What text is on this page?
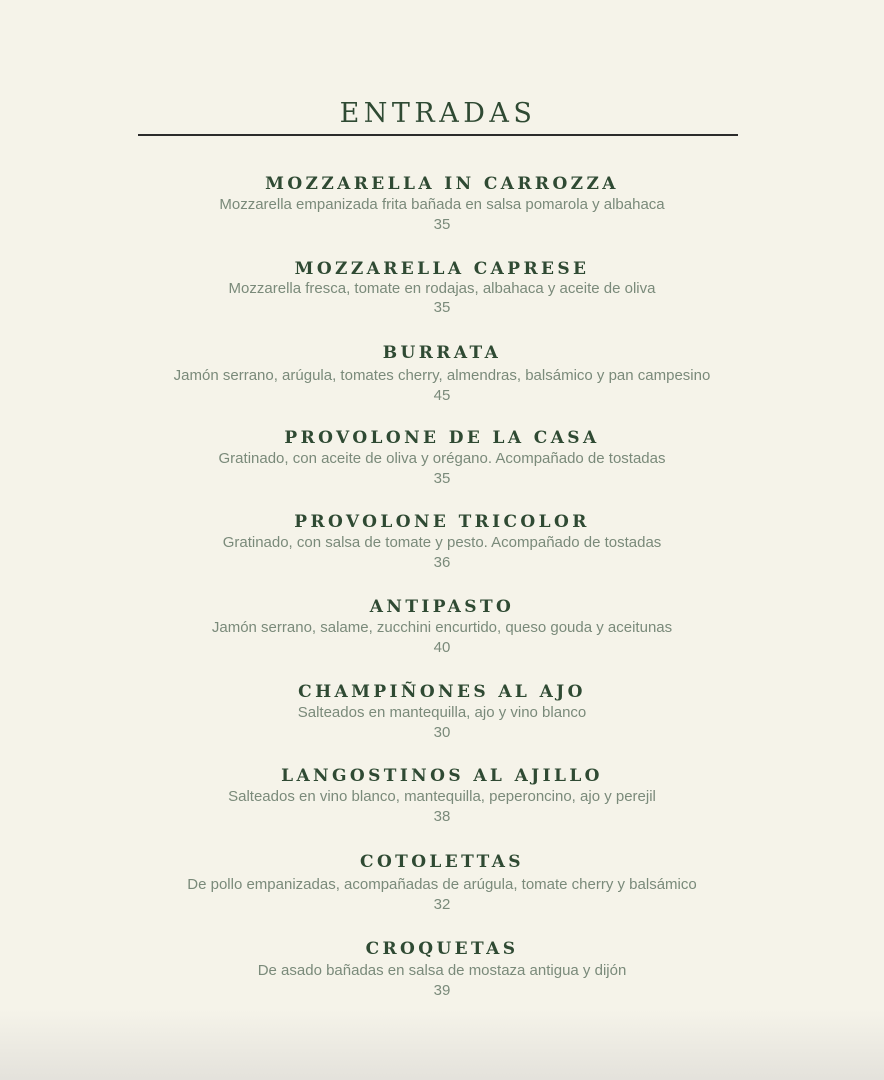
ENTRADAS
MOZZARELLA IN CARROZZA
Mozzarella empanizada frita bañada en salsa pomarola y albahaca
35
MOZZARELLA CAPRESE
Mozzarella fresca, tomate en rodajas, albahaca y aceite de oliva
35
BURRATA
Jamón serrano, arúgula, tomates cherry, almendras, balsámico y pan campesino
45
PROVOLONE DE LA CASA
Gratinado, con aceite de oliva y orégano. Acompañado de tostadas
35
PROVOLONE TRICOLOR
Gratinado, con salsa de tomate y pesto. Acompañado de tostadas
36
ANTIPASTO
Jamón serrano, salame, zucchini encurtido, queso gouda y aceitunas
40
CHAMPIÑONES AL AJO
Salteados en mantequilla, ajo y vino blanco
30
LANGOSTINOS AL AJILLO
Salteados en vino blanco, mantequilla, peperoncino, ajo y perejil
38
COTOLETTAS
De pollo empanizadas, acompañadas de arúgula, tomate cherry y balsámico
32
CROQUETAS
De asado bañadas en salsa de mostaza antigua y dijón
39
